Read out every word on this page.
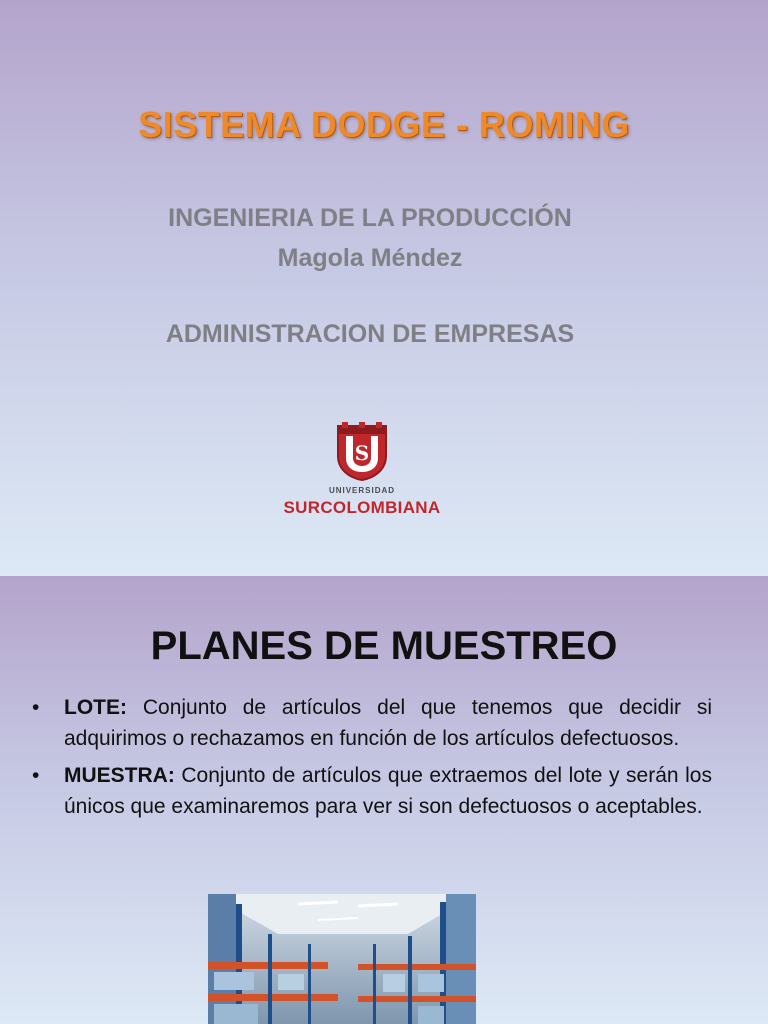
SISTEMA DODGE - ROMING
INGENIERIA DE LA PRODUCCIÓN
Magola Méndez
ADMINISTRACION DE EMPRESAS
S
UNIVERSIDAD
SURCOLOMBIANA
PLANES DE MUESTREO
• LOTE: Conjunto de artículos del que tenemos que decidir si adquirimos o rechazamos en función de los artículos defectuosos.
• MUESTRA: Conjunto de artículos que extraemos del lote y serán los únicos que examinaremos para ver si son defectuosos o aceptables.
